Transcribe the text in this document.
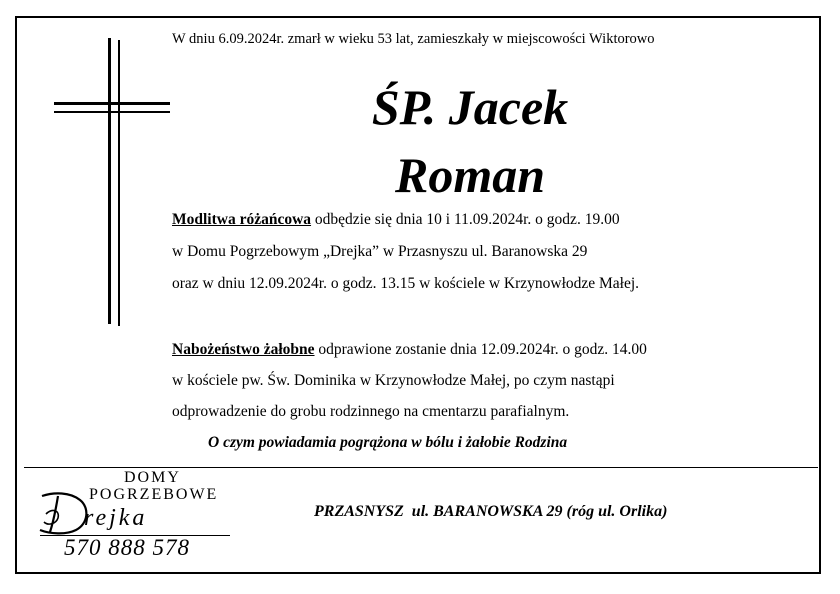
W dniu 6.09.2024r. zmarł w wieku 53 lat, zamieszkały w miejscowości Wiktorowo
ŚP. Jacek
Roman
Modlitwa różańcowa odbędzie się dnia 10 i 11.09.2024r. o godz. 19.00
w Domu Pogrzebowym „Drejka” w Przasnyszu ul. Baranowska 29
oraz w dniu 12.09.2024r. o godz. 13.15 w kościele w Krzynowłodze Małej.
Nabożeństwo żałobne odprawione zostanie dnia 12.09.2024r. o godz. 14.00
w kościele pw. Św. Dominika w Krzynowłodze Małej, po czym nastąpi
odprowadzenie do grobu rodzinnego na cmentarzu parafialnym.
O czym powiadamia pogrążona w bólu i żałobie Rodzina
DOMY
POGRZEBOWE
rejka
570 888 578
PRZASNYSZ  ul. BARANOWSKA 29 (róg ul. Orlika)
